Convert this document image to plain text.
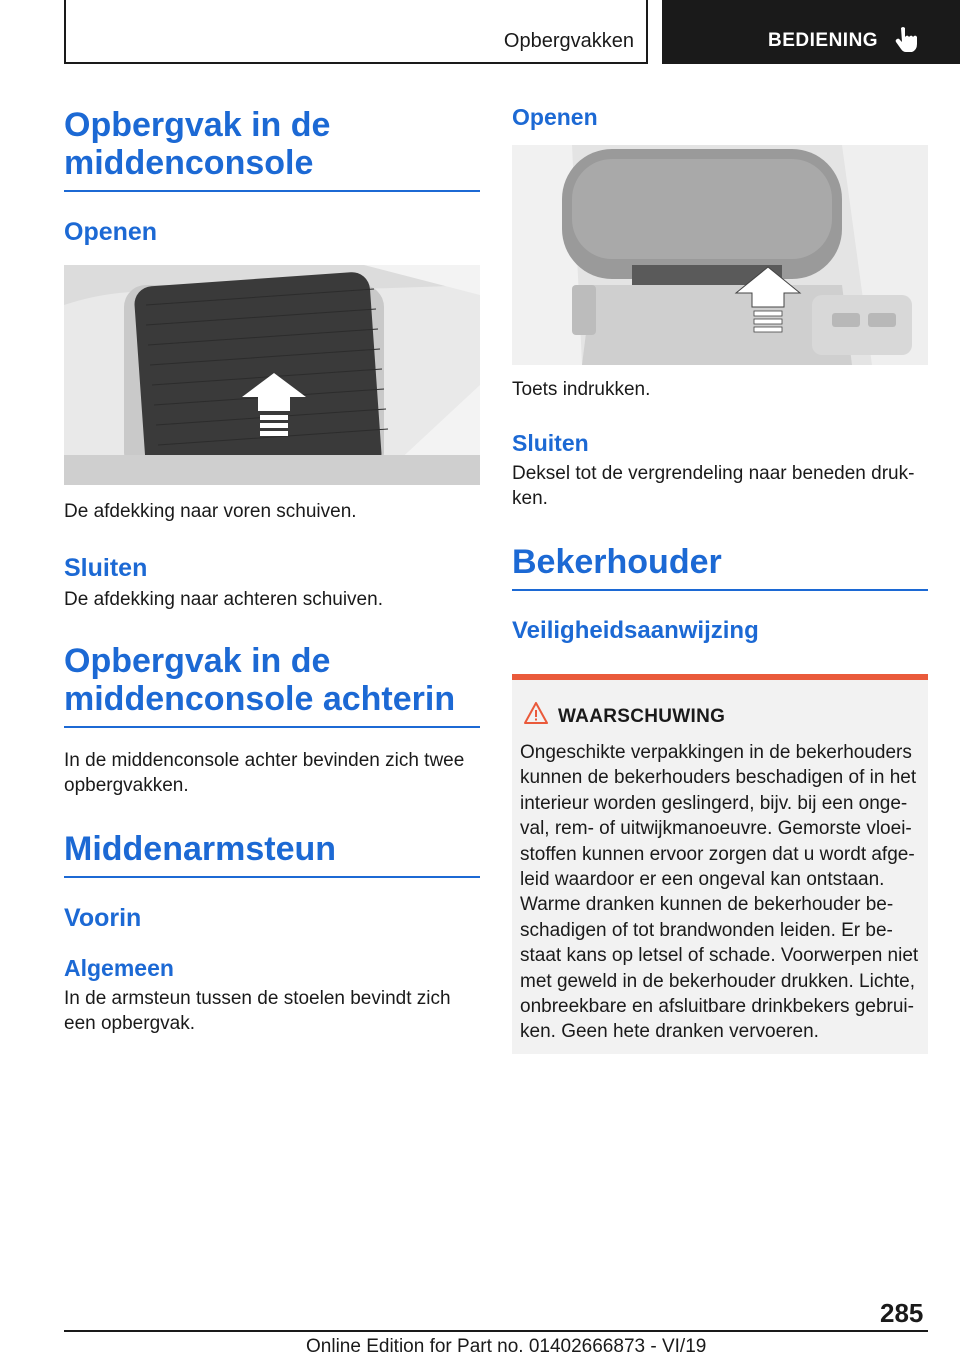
Opbergvakken	BEDIENING
Opbergvak in de middenconsole
Openen

De afdekking naar voren schuiven.

Sluiten

De afdekking naar achteren schuiven.

Opbergvak in de middenconsole achterin

In de middenconsole achter bevinden zich twee opbergvakken.

Middenarmsteun
Voorin
Algemeen

In de armsteun tussen de stoelen bevindt zich een opbergvak.

Openen

Toets indrukken.

Sluiten

Deksel tot de vergrendeling naar beneden druk-ken.

Bekerhouder
Veiligheidsaanwijzing
WAARSCHUWING
Ongeschikte verpakkingen in de bekerhouders kunnen de bekerhouders beschadigen of in het interieur worden geslingerd, bijv. bij een onge-val, rem- of uitwijkmanoeuvre. Gemorste vloei-stoffen kunnen ervoor zorgen dat u wordt afge-leid waardoor er een ongeval kan ontstaan. Warme dranken kunnen de bekerhouder be-schadigen of tot brandwonden leiden. Er be-staat kans op letsel of schade. Voorwerpen niet met geweld in de bekerhouder drukken. Lichte, onbreekbare en afsluitbare drinkbekers gebrui-ken. Geen hete dranken vervoeren.
285
Online Edition for Part no. 01402666873 - VI/19
